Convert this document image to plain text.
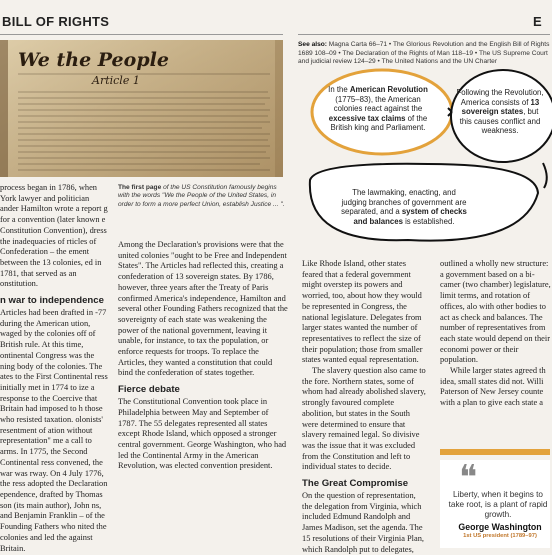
BILL OF RIGHTS	E
We the People
Article 1
The first page of the US Constitution famously begins with the words "We the People of the United States, in order to form a more perfect Union, establish Justice ... ".

process began in 1786, when York lawyer and politician ander Hamilton wrote a report g for a convention (later known e Constitution Convention), dress the inadequacies of rticles of Confederation – the ement between the 13 colonies, ed in 1781, that served as an onstitution.

n war to independence

Articles had been drafted in -77 during the American ution, waged by the colonies off of British rule. At this time, ontinental Congress was the ning body of the colonies. The ates to the First Continental ress initially met in 1774 to ize a response to the Coercive that Britain had imposed to h those who resisted taxation. olonists' resentment of ation without representation" me a call to arms. In 1775, the Second Continental ress convened, the war was rway. On 4 July 1776, the ress adopted the Declaration ependence, drafted by Thomas son (its main author), John ns, and Benjamin Franklin – of the Founding Fathers who nited the colonies and led the against Britain.

Among the Declaration's provisions were that the united colonies "ought to be Free and Independent States". The Articles had reflected this, creating a confederation of 13 sovereign states. By 1786, however, three years after the Treaty of Paris confirmed America's independence, Hamilton and several other Founding Fathers recognized that the sovereignty of each state was weakening the power of the national government, leaving it unable, for instance, to tax the population, or enforce requests for troops. To replace the Articles, they wanted a constitution that could bind the confederation of states together.

Fierce debate

The Constitutional Convention took place in Philadelphia between May and September of 1787. The 55 delegates represented all states except Rhode Island, which opposed a stronger central government. George Washington, who had led the Continental Army in the American Revolution, was elected convention president.

See also: Magna Carta 66–71 • The Glorious Revolution and the English Bill of Rights 1689 108–09 • The Declaration of the Rights of Man 118–19 • The US Supreme Court and judicial review 124–29 • The United Nations and the UN Charter
In the American Revolution (1775–83), the American colonies react against the excessive tax claims of the British king and Parliament.
Following the Revolution, America consists of 13 sovereign states, but this causes conflict and weakness.
The lawmaking, enacting, and judging branches of government are separated, and a system of checks and balances is established.

Like Rhode Island, other states feared that a federal government might overstep its powers and worried, too, about how they would be represented in Congress, the national legislature. Delegates from larger states wanted the number of representatives to reflect the size of their population; those from smaller states wanted equal representation.

The slavery question also came to the fore. Northern states, some of whom had already abolished slavery, strongly favoured complete abolition, but states in the South were determined to ensure that slavery remained legal. So divisive was the issue that it was excluded from the Constitution and left to individual states to decide.

The Great Compromise

On the question of representation, the delegation from Virginia, which included Edmund Randolph and James Madison, set the agenda. The 15 resolutions of their Virginia Plan, which Randolph put to delegates,

outlined a wholly new structure: a government based on a bi-camer (two chamber) legislature, limit terms, and rotation of offices, alo with other bodies to act as check and balances. The number of representatives from each state would depend on their economi power or their population.

While larger states agreed th idea, small states did not. Willi Paterson of New Jersey counte with a plan to give each state a

❝
Liberty, when it begins to take root, is a plant of rapid growth.
George Washington
1st US president (1789–97)
